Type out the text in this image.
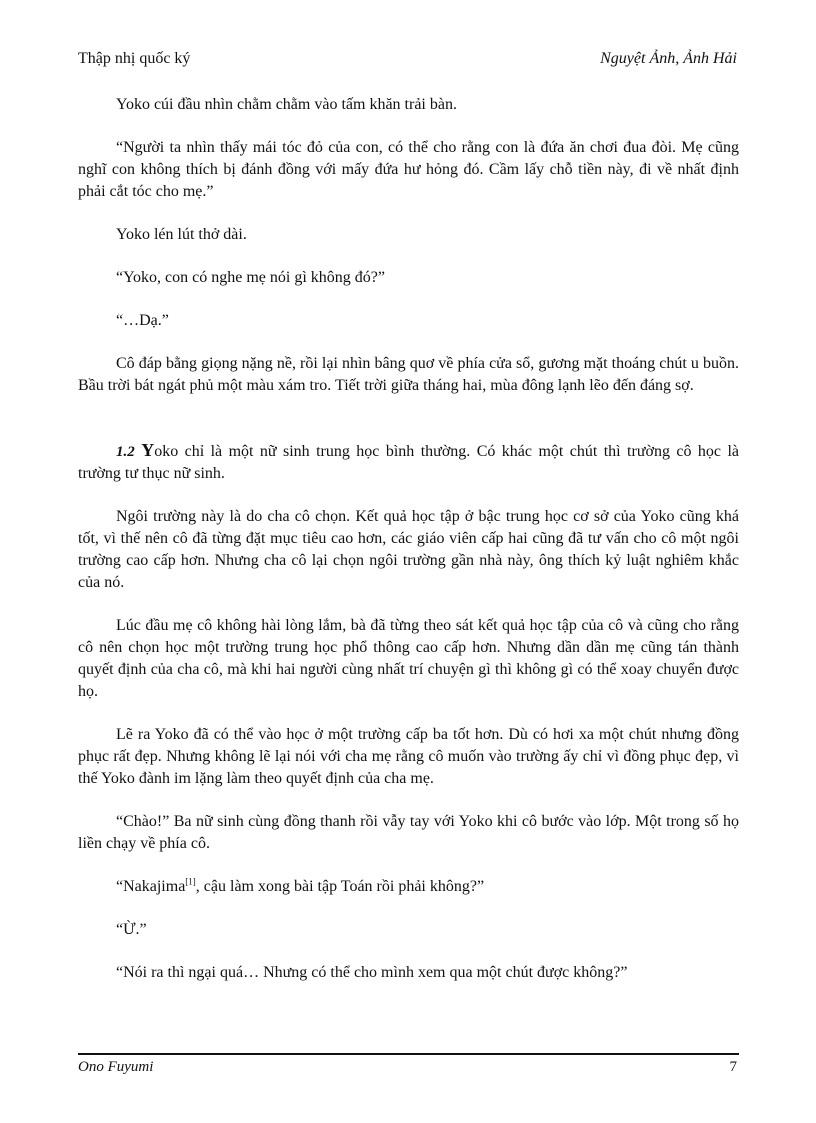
Thập nhị quốc ký	Nguyệt Ảnh, Ảnh Hải

Yoko cúi đầu nhìn chằm chằm vào tấm khăn trải bàn.

“Người ta nhìn thấy mái tóc đỏ của con, có thể cho rằng con là đứa ăn chơi đua đòi. Mẹ cũng nghĩ con không thích bị đánh đồng với mấy đứa hư hỏng đó. Cầm lấy chỗ tiền này, đi về nhất định phải cắt tóc cho mẹ.”

Yoko lén lút thở dài.

“Yoko, con có nghe mẹ nói gì không đó?”

“…Dạ.”

Cô đáp bằng giọng nặng nề, rồi lại nhìn bâng quơ về phía cửa sổ, gương mặt thoáng chút u buồn. Bầu trời bát ngát phủ một màu xám tro. Tiết trời giữa tháng hai, mùa đông lạnh lẽo đến đáng sợ.

1.2 Yoko chỉ là một nữ sinh trung học bình thường. Có khác một chút thì trường cô học là trường tư thục nữ sinh.

Ngôi trường này là do cha cô chọn. Kết quả học tập ở bậc trung học cơ sở của Yoko cũng khá tốt, vì thế nên cô đã từng đặt mục tiêu cao hơn, các giáo viên cấp hai cũng đã tư vấn cho cô một ngôi trường cao cấp hơn. Nhưng cha cô lại chọn ngôi trường gần nhà này, ông thích kỷ luật nghiêm khắc của nó.

Lúc đầu mẹ cô không hài lòng lắm, bà đã từng theo sát kết quả học tập của cô và cũng cho rằng cô nên chọn học một trường trung học phổ thông cao cấp hơn. Nhưng dần dần mẹ cũng tán thành quyết định của cha cô, mà khi hai người cùng nhất trí chuyện gì thì không gì có thể xoay chuyển được họ.

Lẽ ra Yoko đã có thể vào học ở một trường cấp ba tốt hơn. Dù có hơi xa một chút nhưng đồng phục rất đẹp. Nhưng không lẽ lại nói với cha mẹ rằng cô muốn vào trường ấy chỉ vì đồng phục đẹp, vì thế Yoko đành im lặng làm theo quyết định của cha mẹ.

“Chào!” Ba nữ sinh cùng đồng thanh rồi vẫy tay với Yoko khi cô bước vào lớp. Một trong số họ liền chạy về phía cô.

“Nakajima[1], cậu làm xong bài tập Toán rồi phải không?”

“Ừ.”

“Nói ra thì ngại quá… Nhưng có thể cho mình xem qua một chút được không?”

Ono Fuyumi	7
